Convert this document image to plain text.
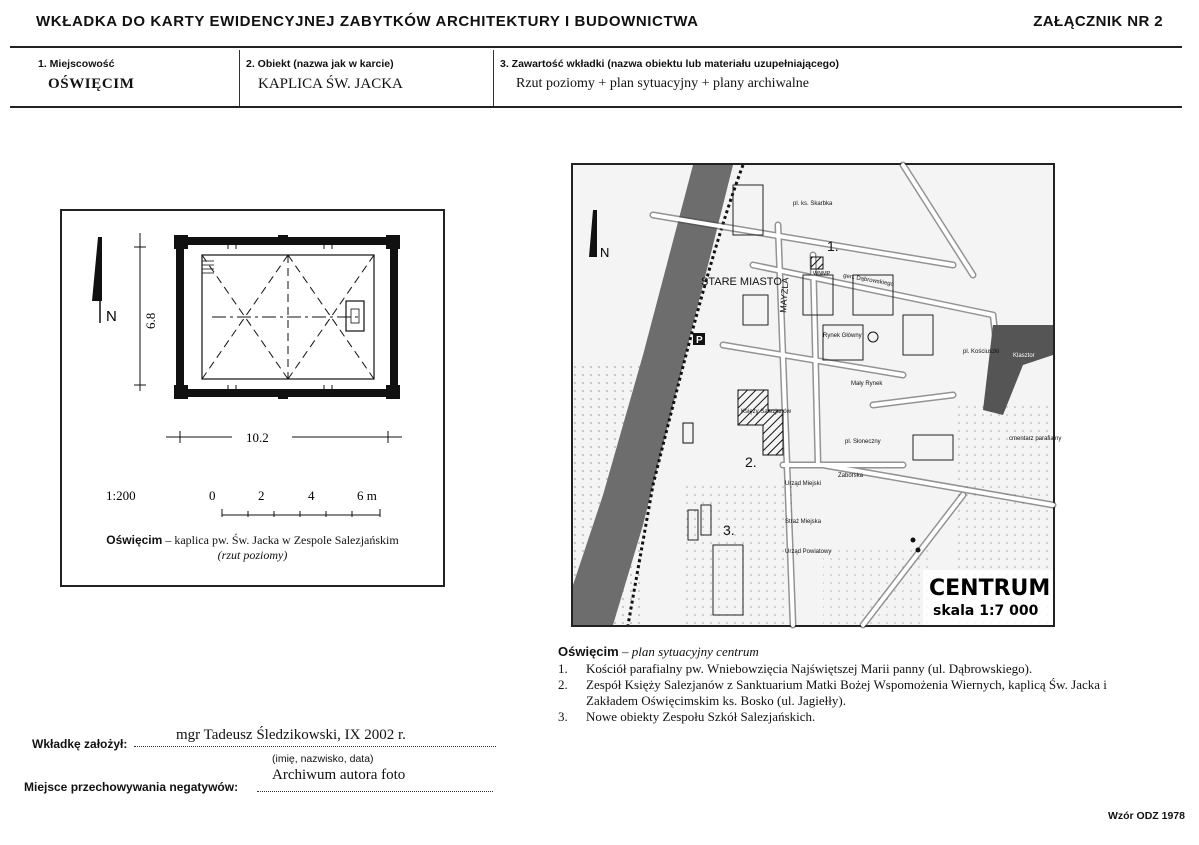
WKŁADKA DO KARTY EWIDENCYJNEJ ZABYTKÓW ARCHITEKTURY I BUDOWNICTWA	ZAŁĄCZNIK NR 2
1. Miejscowość
OŚWIĘCIM
2. Obiekt (nazwa jak w karcie)
KAPLICA ŚW. JACKA
3. Zawartość wkładki (nazwa obiektu lub materiału uzupełniającego)
Rzut poziomy + plan sytuacyjny + plany archiwalne
N 6.8
10.2
1:200	0	2	4	6 m
Oświęcim – kaplica pw. Św. Jacka w Zespole Salezjańskim
(rzut poziomy)
P
N
STARE MIASTO
MAYZLA	gen. Dąbrowskiego
WNMP
pl. ks. Skarbka
Rynek Główny
Mały Rynek
pl. Kościuszki
pl. Słoneczny
Urząd Miejski
Straż Miejska
Urząd Powiatowy
Klasztor
cmentarz parafialny
Księży Salezjanów
Zaborska
1.
2.
3.
CENTRUM
skala 1:7 000
Oświęcim – plan sytuacyjny centrum
1.	Kościół parafialny pw. Wniebowzięcia Najświętszej Marii panny (ul. Dąbrowskiego).
2.	Zespół Księży Salezjanów z Sanktuarium Matki Bożej Wspomożenia Wiernych, kaplicą Św. Jacka i Zakładem Oświęcimskim ks. Bosko (ul. Jagiełły).
3.	Nowe obiekty Zespołu Szkół Salezjańskich.
Wkładkę założył:
mgr Tadeusz Śledzikowski, IX 2002 r.
(imię, nazwisko, data)
Miejsce przechowywania negatywów:
Archiwum autora foto
Wzór ODZ 1978
